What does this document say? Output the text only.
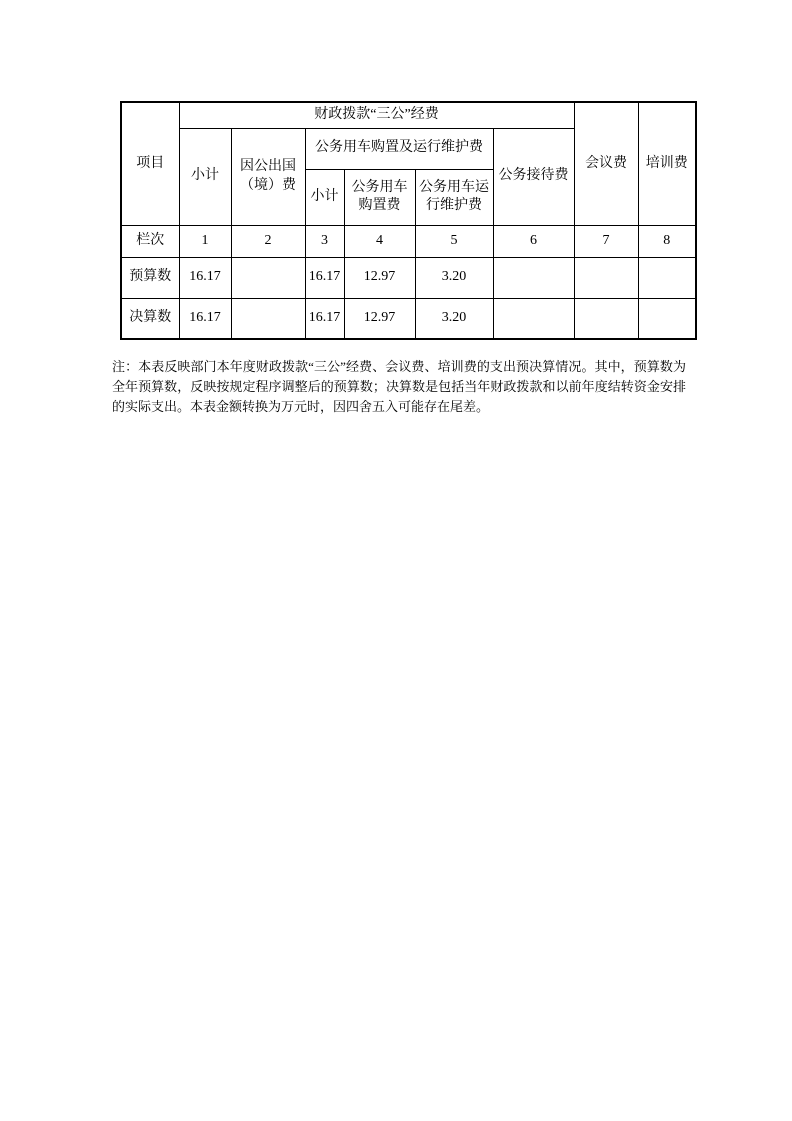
项目	财政拨款“三公”经费						会议费	培训费
	小计	因公出国（境）费	公务用车购置及运行维护费			公务接待费		
			小计	公务用车购置费	公务用车运行维护费			
栏次	1	2	3	4	5	6	7	8
预算数	16.17		16.17	12.97	3.20			
决算数	16.17		16.17	12.97	3.20			

注：本表反映部门本年度财政拨款“三公”经费、会议费、培训费的支出预决算情况。其中，预算数为全年预算数，反映按规定程序调整后的预算数；决算数是包括当年财政拨款和以前年度结转资金安排的实际支出。本表金额转换为万元时，因四舍五入可能存在尾差。
